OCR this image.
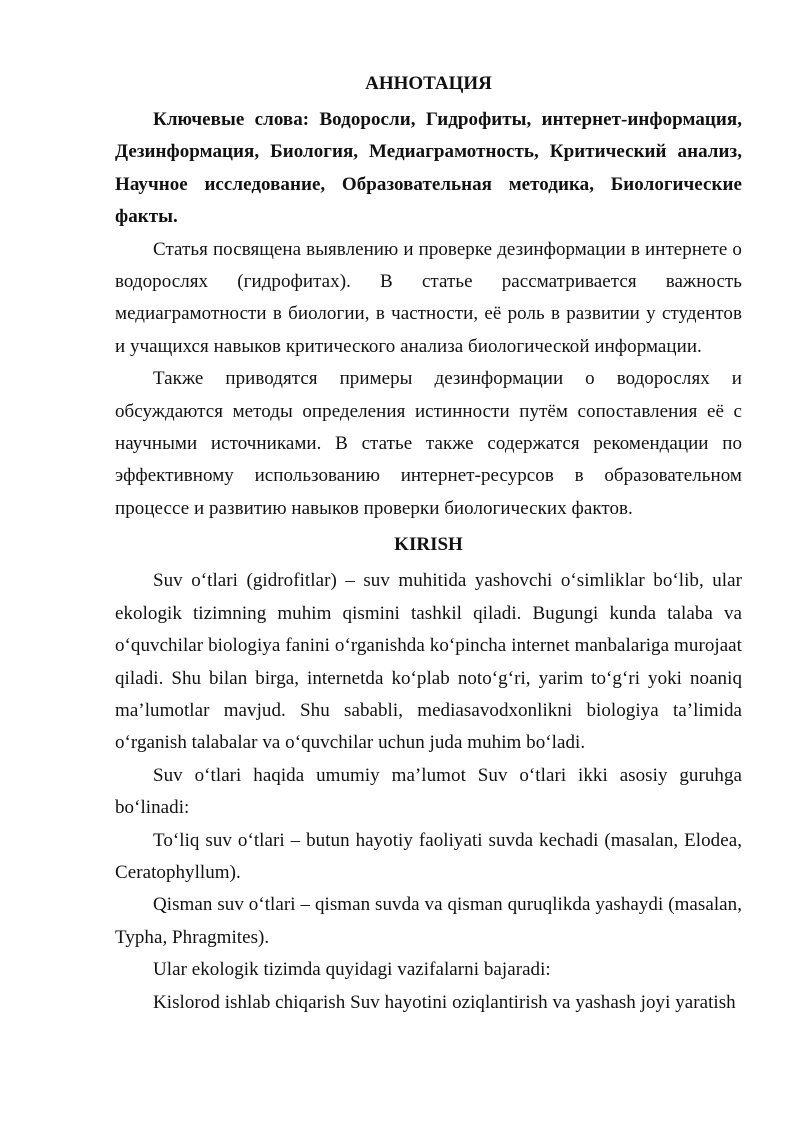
АННОТАЦИЯ

Ключевые слова: Водоросли, Гидрофиты, интернет-информация, Дезинформация, Биология, Медиаграмотность, Критический анализ, Научное исследование, Образовательная методика, Биологические факты.

Статья посвящена выявлению и проверке дезинформации в интернете о водорослях (гидрофитах). В статье рассматривается важность медиаграмотности в биологии, в частности, её роль в развитии у студентов и учащихся навыков критического анализа биологической информации.

Также приводятся примеры дезинформации о водорослях и обсуждаются методы определения истинности путём сопоставления её с научными источниками. В статье также содержатся рекомендации по эффективному использованию интернет-ресурсов в образовательном процессе и развитию навыков проверки биологических фактов.

KIRISH

Suv oʻtlari (gidrofitlar) – suv muhitida yashovchi oʻsimliklar boʻlib, ular ekologik tizimning muhim qismini tashkil qiladi. Bugungi kunda talaba va oʻquvchilar biologiya fanini oʻrganishda koʻpincha internet manbalariga murojaat qiladi. Shu bilan birga, internetda koʻplab notoʻgʻri, yarim toʻgʻri yoki noaniq maʼlumotlar mavjud. Shu sababli, mediasavodxonlikni biologiya taʼlimida oʻrganish talabalar va oʻquvchilar uchun juda muhim boʻladi.

Suv oʻtlari haqida umumiy maʼlumot Suv oʻtlari ikki asosiy guruhga boʻlinadi:

Toʻliq suv oʻtlari – butun hayotiy faoliyati suvda kechadi (masalan, Elodea, Ceratophyllum).

Qisman suv oʻtlari – qisman suvda va qisman quruqlikda yashaydi (masalan, Typha, Phragmites).

Ular ekologik tizimda quyidagi vazifalarni bajaradi:

Kislorod ishlab chiqarish Suv hayotini oziqlantirish va yashash joyi yaratish
